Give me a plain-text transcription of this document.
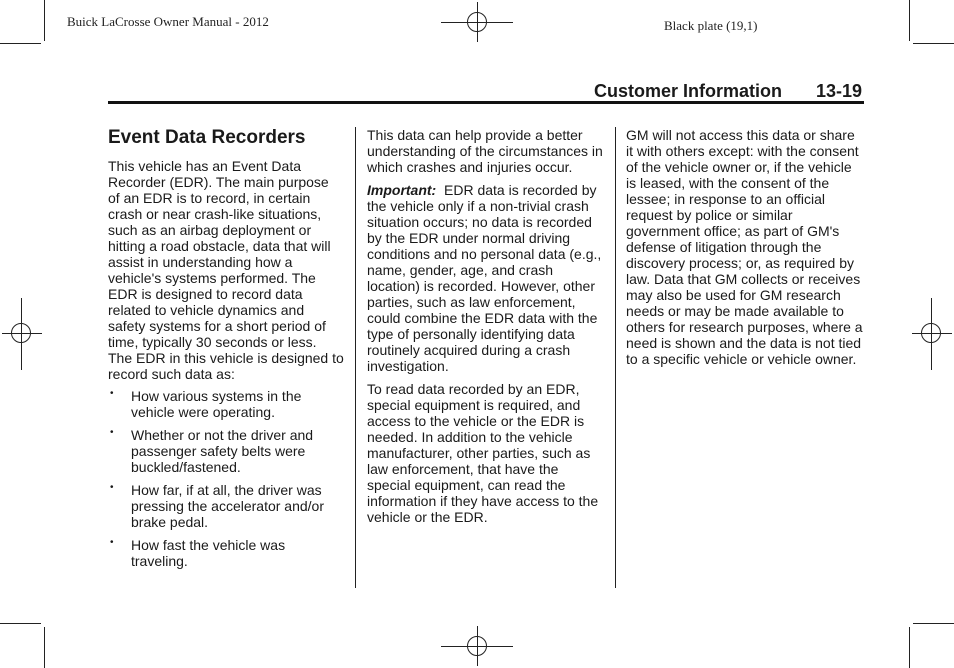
Buick LaCrosse Owner Manual - 2012	Black plate (19,1)
Customer Information 13-19
Event Data Recorders

This vehicle has an Event Data Recorder (EDR). The main purpose of an EDR is to record, in certain crash or near crash-like situations, such as an airbag deployment or hitting a road obstacle, data that will assist in understanding how a vehicle's systems performed. The EDR is designed to record data related to vehicle dynamics and safety systems for a short period of time, typically 30 seconds or less. The EDR in this vehicle is designed to record such data as:

• How various systems in the vehicle were operating.
• Whether or not the driver and passenger safety belts were buckled/fastened.
• How far, if at all, the driver was pressing the accelerator and/or brake pedal.
• How fast the vehicle was traveling.

This data can help provide a better understanding of the circumstances in which crashes and injuries occur.

Important: EDR data is recorded by the vehicle only if a non-trivial crash situation occurs; no data is recorded by the EDR under normal driving conditions and no personal data (e.g., name, gender, age, and crash location) is recorded. However, other parties, such as law enforcement, could combine the EDR data with the type of personally identifying data routinely acquired during a crash investigation.

To read data recorded by an EDR, special equipment is required, and access to the vehicle or the EDR is needed. In addition to the vehicle manufacturer, other parties, such as law enforcement, that have the special equipment, can read the information if they have access to the vehicle or the EDR.

GM will not access this data or share it with others except: with the consent of the vehicle owner or, if the vehicle is leased, with the consent of the lessee; in response to an official request by police or similar government office; as part of GM's defense of litigation through the discovery process; or, as required by law. Data that GM collects or receives may also be used for GM research needs or may be made available to others for research purposes, where a need is shown and the data is not tied to a specific vehicle or vehicle owner.
